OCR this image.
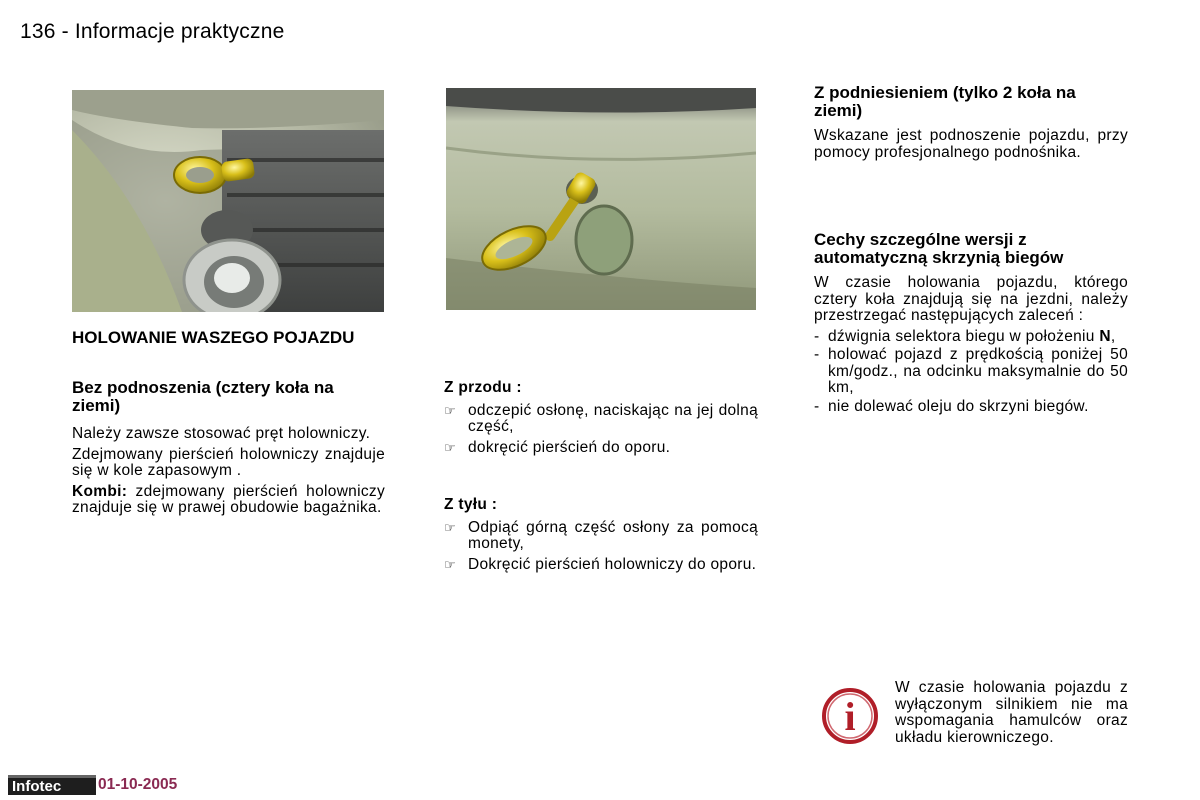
136 - Informacje praktyczne
HOLOWANIE WASZEGO POJAZDU
Bez podnoszenia (cztery koła na ziemi)
Należy zawsze stosować pręt holowniczy.
Zdejmowany pierścień holowniczy znajduje się w kole zapasowym .
Kombi: zdejmowany pierścień holowniczy znajduje się w prawej obudowie bagażnika.
Z przodu :
☞ odczepić osłonę, naciskając na jej dolną część,
☞ dokręcić pierścień do oporu.
Z tyłu :
☞ Odpiąć górną część osłony za pomocą monety,
☞ Dokręcić pierścień holowniczy do oporu.
Z podniesieniem (tylko 2 koła na ziemi)
Wskazane jest podnoszenie pojazdu, przy pomocy profesjonalnego podnośnika.
Cechy szczególne wersji z automatyczną skrzynią biegów
W czasie holowania pojazdu, którego cztery koła znajdują się na jezdni, należy przestrzegać następujących zaleceń :
- dźwignia selektora biegu w położeniu N,
- holować pojazd z prędkością poniżej 50 km/godz., na odcinku maksymalnie do 50 km,
- nie dolewać oleju do skrzyni biegów.
i
W czasie holowania pojazdu z wyłączonym silnikiem nie ma wspomagania hamulców oraz układu kierowniczego.
Infotec	01-10-2005
